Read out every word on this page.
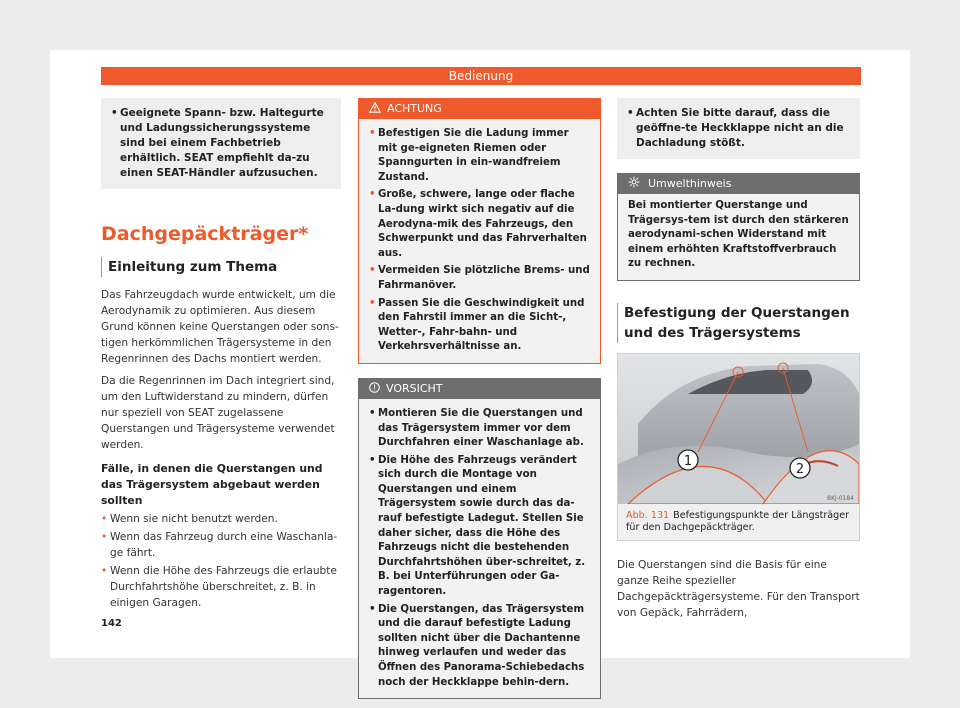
Bedienung
• Geeignete Spann- bzw. Haltegurte und Ladungssicherungssysteme sind bei einem Fachbetrieb erhältlich. SEAT empfiehlt da-zu einen SEAT-Händler aufzusuchen.
Dachgepäckträger*
Einleitung zum Thema
Das Fahrzeugdach wurde entwickelt, um die Aerodynamik zu optimieren. Aus diesem Grund können keine Querstangen oder sons-tigen herkömmlichen Trägersysteme in den Regenrinnen des Dachs montiert werden.
Da die Regenrinnen im Dach integriert sind, um den Luftwiderstand zu mindern, dürfen nur speziell von SEAT zugelassene Querstangen und Trägersysteme verwendet werden.
Fälle, in denen die Querstangen und das Trägersystem abgebaut werden sollten
• Wenn sie nicht benutzt werden.
• Wenn das Fahrzeug durch eine Waschanla-ge fährt.
• Wenn die Höhe des Fahrzeugs die erlaubte Durchfahrtshöhe überschreitet, z. B. in einigen Garagen.
ACHTUNG
• Befestigen Sie die Ladung immer mit ge-eigneten Riemen oder Spanngurten in ein-wandfreiem Zustand.
• Große, schwere, lange oder flache La-dung wirkt sich negativ auf die Aerodyna-mik des Fahrzeugs, den Schwerpunkt und das Fahrverhalten aus.
• Vermeiden Sie plötzliche Brems- und Fahrmanöver.
• Passen Sie die Geschwindigkeit und den Fahrstil immer an die Sicht-, Wetter-, Fahr-bahn- und Verkehrsverhältnisse an.
VORSICHT
• Montieren Sie die Querstangen und das Trägersystem immer vor dem Durchfahren einer Waschanlage ab.
• Die Höhe des Fahrzeugs verändert sich durch die Montage von Querstangen und einem Trägersystem sowie durch das da-rauf befestigte Ladegut. Stellen Sie daher sicher, dass die Höhe des Fahrzeugs nicht die bestehenden Durchfahrtshöhen über-schreitet, z. B. bei Unterführungen oder Ga-ragentoren.
• Die Querstangen, das Trägersystem und die darauf befestigte Ladung sollten nicht über die Dachantenne hinweg verlaufen und weder das Öffnen des Panorama-Schiebedachs noch der Heckklappe behin-dern.
• Achten Sie bitte darauf, dass die geöffne-te Heckklappe nicht an die Dachladung stößt.
Umwelthinweis
Bei montierter Querstange und Trägersys-tem ist durch den stärkeren aerodynami-schen Widerstand mit einem erhöhten Kraftstoffverbrauch zu rechnen.
Befestigung der Querstangen und des Trägersystems
1
2
BKJ-0184
Abb. 131 Befestigungspunkte der Längsträger für den Dachgepäckträger.
Die Querstangen sind die Basis für eine ganze Reihe spezieller Dachgepäckträgersysteme. Für den Transport von Gepäck, Fahrrädern,
142
